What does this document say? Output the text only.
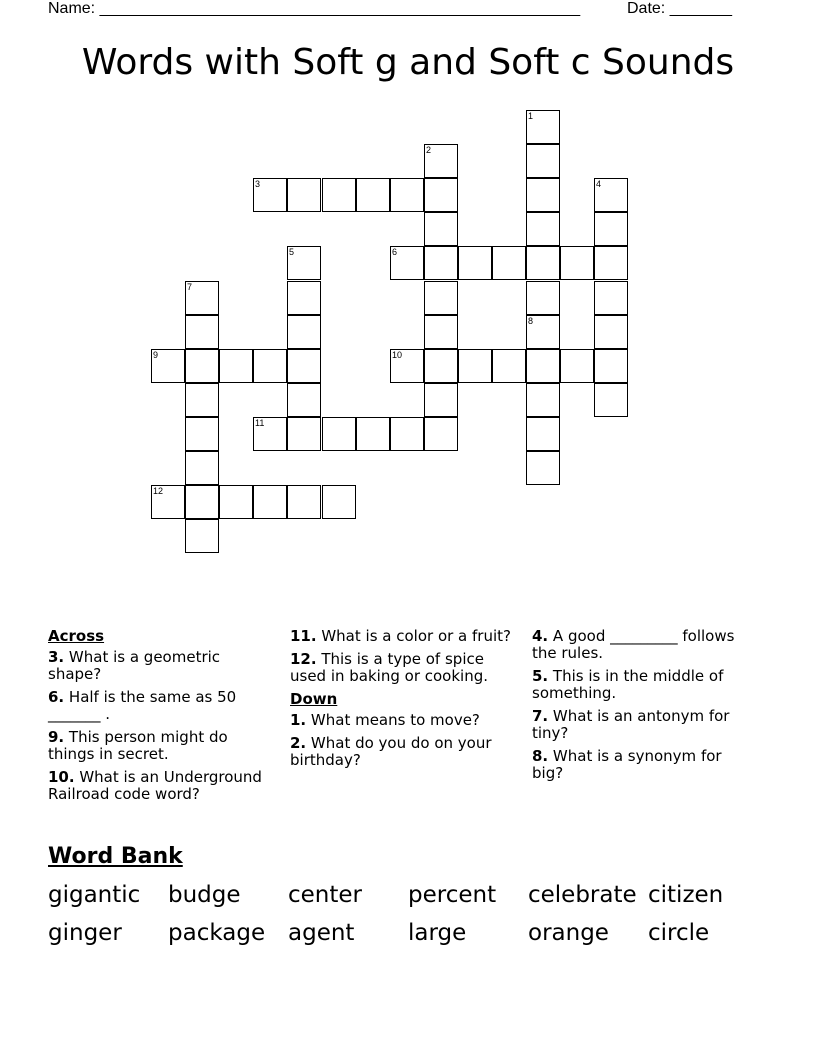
Name: ______________________________________________________	Date: _______
Words with Soft g and Soft c Sounds
1
8
2
3	4
5	6
7
9	10
11
12
Across
3. What is a geometric shape?
6. Half is the same as 50 _______ .
9. This person might do things in secret.
10. What is an Underground Railroad code word?
11. What is a color or a fruit?
12. This is a type of spice used in baking or cooking.
Down
1. What means to move?
2. What do you do on your birthday?
4. A good _________ follows the rules.
5. This is in the middle of something.
7. What is an antonym for tiny?
8. What is a synonym for big?
Word Bank
gigantic budge center percent celebrate citizen
ginger package agent large	orange circle
